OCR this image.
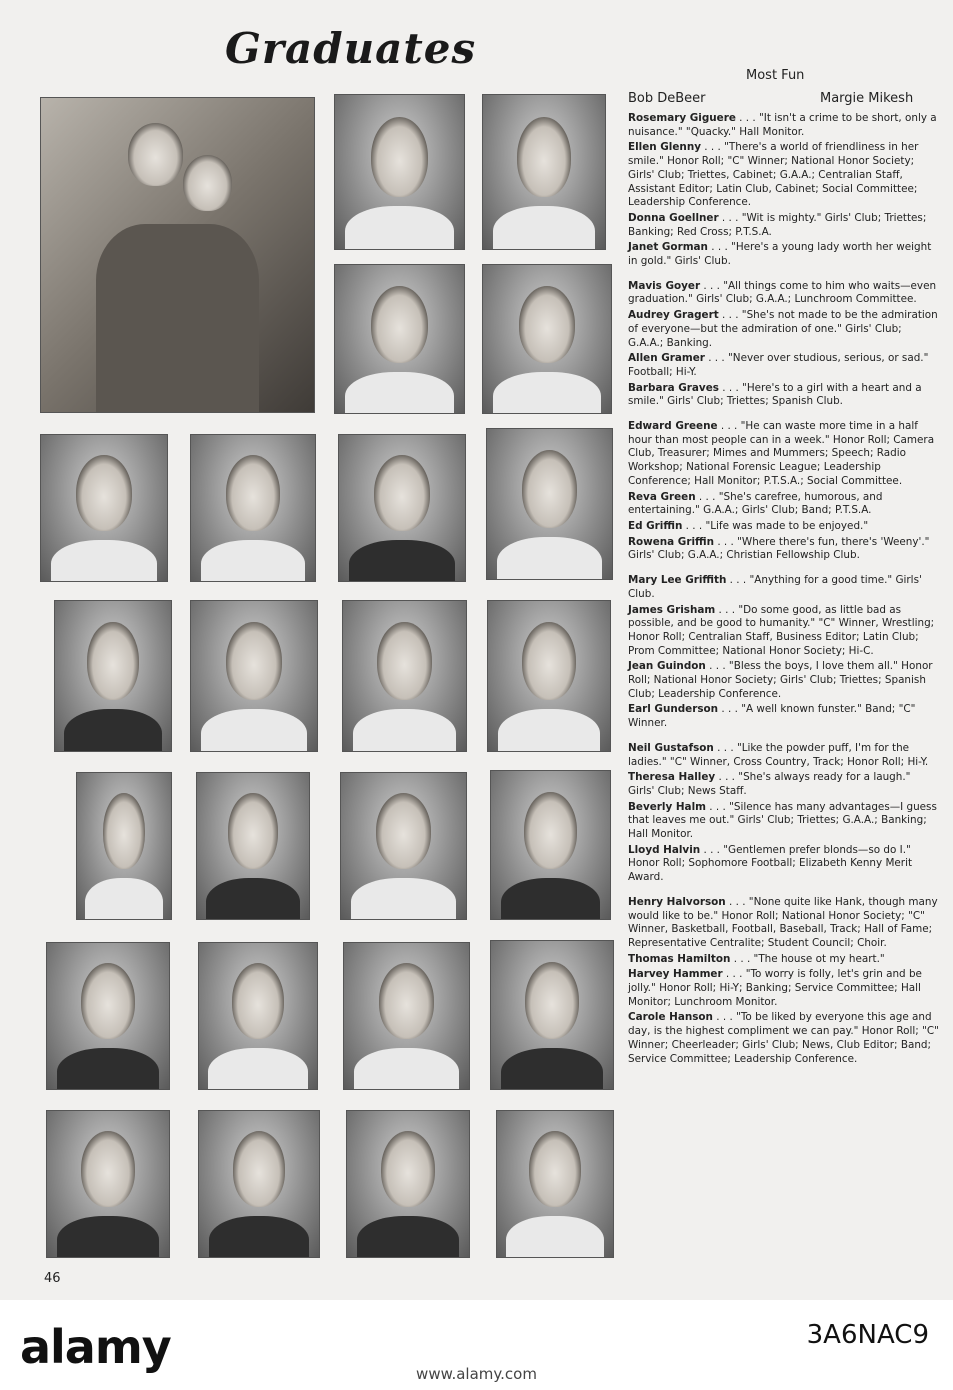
Graduates
Most Fun
Bob DeBeer	Margie Mikesh
46
Rosemary Giguere . . . "It isn't a crime to be short, only a nuisance." "Quacky." Hall Monitor.
Ellen Glenny . . . "There's a world of friendliness in her smile." Honor Roll; "C" Winner; National Honor Society; Girls' Club; Triettes, Cabinet; G.A.A.; Centralian Staff, Assistant Editor; Latin Club, Cabinet; Social Committee; Leadership Conference.
Donna Goellner . . . "Wit is mighty." Girls' Club; Triettes; Banking; Red Cross; P.T.S.A.
Janet Gorman . . . "Here's a young lady worth her weight in gold." Girls' Club.
Mavis Goyer . . . "All things come to him who waits—even graduation." Girls' Club; G.A.A.; Lunchroom Committee.
Audrey Gragert . . . "She's not made to be the admiration of everyone—but the admiration of one." Girls' Club; G.A.A.; Banking.
Allen Gramer . . . "Never over studious, serious, or sad." Football; Hi-Y.
Barbara Graves . . . "Here's to a girl with a heart and a smile." Girls' Club; Triettes; Spanish Club.
Edward Greene . . . "He can waste more time in a half hour than most people can in a week." Honor Roll; Camera Club, Treasurer; Mimes and Mummers; Speech; Radio Workshop; National Forensic League; Leadership Conference; Hall Monitor; P.T.S.A.; Social Committee.
Reva Green . . . "She's carefree, humorous, and entertaining." G.A.A.; Girls' Club; Band; P.T.S.A.
Ed Griffin . . . "Life was made to be enjoyed."
Rowena Griffin . . . "Where there's fun, there's 'Weeny'." Girls' Club; G.A.A.; Christian Fellowship Club.
Mary Lee Griffith . . . "Anything for a good time." Girls' Club.
James Grisham . . . "Do some good, as little bad as possible, and be good to humanity." "C" Winner, Wrestling; Honor Roll; Centralian Staff, Business Editor; Latin Club; Prom Committee; National Honor Society; Hi-C.
Jean Guindon . . . "Bless the boys, I love them all." Honor Roll; National Honor Society; Girls' Club; Triettes; Spanish Club; Leadership Conference.
Earl Gunderson . . . "A well known funster." Band; "C" Winner.
Neil Gustafson . . . "Like the powder puff, I'm for the ladies." "C" Winner, Cross Country, Track; Honor Roll; Hi-Y.
Theresa Halley . . . "She's always ready for a laugh." Girls' Club; News Staff.
Beverly Halm . . . "Silence has many advantages—I guess that leaves me out." Girls' Club; Triettes; G.A.A.; Banking; Hall Monitor.
Lloyd Halvin . . . "Gentlemen prefer blonds—so do I." Honor Roll; Sophomore Football; Elizabeth Kenny Merit Award.
Henry Halvorson . . . "None quite like Hank, though many would like to be." Honor Roll; National Honor Society; "C" Winner, Basketball, Football, Baseball, Track; Hall of Fame; Representative Centralite; Student Council; Choir.
Thomas Hamilton . . . "The house ot my heart."
Harvey Hammer . . . "To worry is folly, let's grin and be jolly." Honor Roll; Hi-Y; Banking; Service Committee; Hall Monitor; Lunchroom Monitor.
Carole Hanson . . . "To be liked by everyone this age and day, is the highest compliment we can pay." Honor Roll; "C" Winner; Cheerleader; Girls' Club; News, Club Editor; Band; Service Committee; Leadership Conference.
alamy	3A6NAC9
www.alamy.com
